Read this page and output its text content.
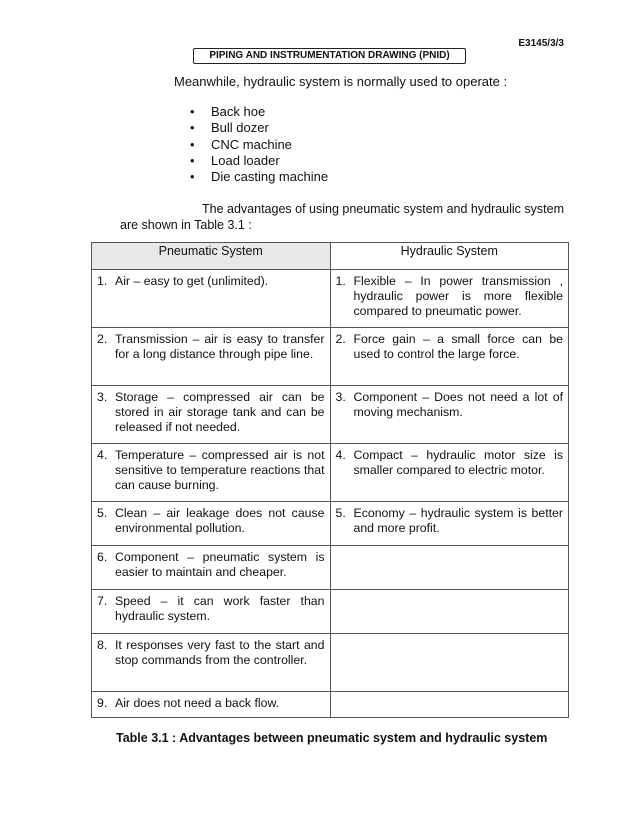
E3145/3/3
PIPING AND INSTRUMENTATION DRAWING (PNID)
Meanwhile, hydraulic system is normally used to operate :
• Back hoe
• Bull dozer
• CNC machine
• Load loader
• Die casting machine
The advantages of using pneumatic system and hydraulic system are shown in Table 3.1 :
Pneumatic System	Hydraulic System

1. Air – easy to get (unlimited).	1. Flexible – In power transmission , hydraulic power is more flexible compared to pneumatic power.

2. Transmission – air is easy to transfer for a long distance through pipe line.	2. Force gain – a small force can be used to control the large force.

3. Storage – compressed air can be stored in air storage tank and can be released if not needed.	3. Component – Does not need a lot of moving mechanism.

4. Temperature – compressed air is not sensitive to temperature reactions that can cause burning.	4. Compact – hydraulic motor size is smaller compared to electric motor.

5. Clean – air leakage does not cause environmental pollution.	5. Economy – hydraulic system is better and more profit.

6. Component – pneumatic system is easier to maintain and cheaper.	

7. Speed – it can work faster than hydraulic system.	

8. It responses very fast to the start and stop commands from the controller.	

9. Air does not need a back flow.	

Table 3.1 : Advantages between pneumatic system and hydraulic system
